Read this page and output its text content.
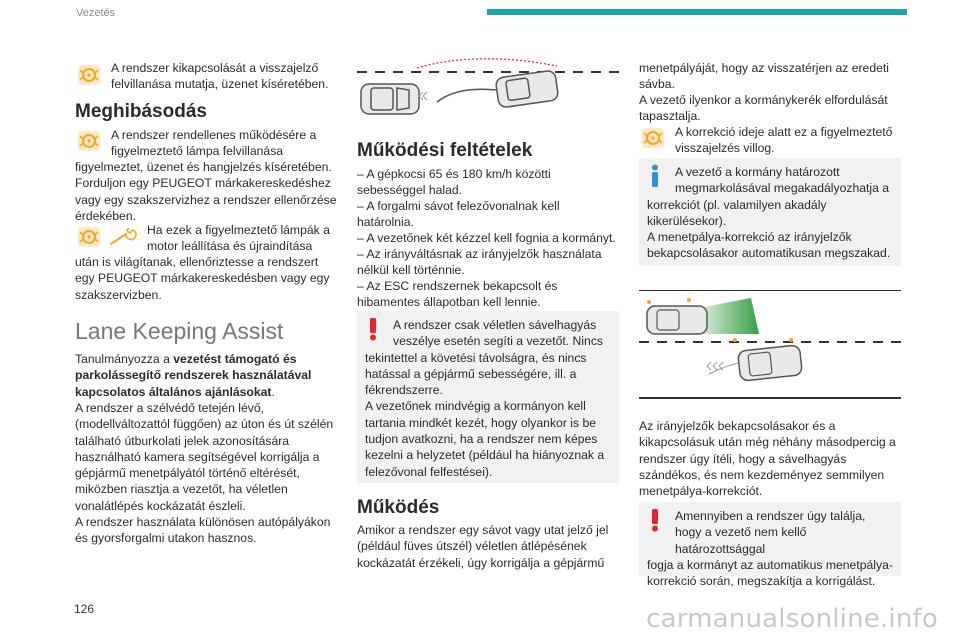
Vezetés
A rendszer kikapcsolását a visszajelző felvillanása mutatja, üzenet kíséretében.
Meghibásodás
A rendszer rendellenes működésére a figyelmeztető lámpa felvillanása
figyelmeztet, üzenet és hangjelzés kíséretében. Forduljon egy PEUGEOT márkakereskedéshez vagy egy szakszervizhez a rendszer ellenőrzése érdekében.
Ha ezek a figyelmeztető lámpák a motor leállítása és újraindítása
után is világítanak, ellenőriztesse a rendszert egy PEUGEOT márkakereskedésben vagy egy szakszervizben.
Lane Keeping Assist
Tanulmányozza a vezetést támogató és parkolássegítő rendszerek használatával kapcsolatos általános ajánlásokat.
A rendszer a szélvédő tetején lévő, (modellváltozattól függően) az úton és út szélén található útburkolati jelek azonosítására használható kamera segítségével korrigálja a gépjármű menetpályától történő eltérését, miközben riasztja a vezetőt, ha véletlen vonalátlépés kockázatát észleli.
A rendszer használata különösen autópályákon és gyorsforgalmi utakon hasznos.
Működési feltételek
– A gépkocsi 65 és 180 km/h közötti sebességgel halad.
– A forgalmi sávot felezővonalnak kell határolnia.
– A vezetőnek két kézzel kell fognia a kormányt.
– Az irányváltásnak az irányjelzők használata nélkül kell történnie.
– Az ESC rendszernek bekapcsolt és hibamentes állapotban kell lennie.
A rendszer csak véletlen sávelhagyás veszélye esetén segíti a vezetőt. Nincs
tekintettel a követési távolságra, és nincs hatással a gépjármű sebességére, ill. a fékrendszerre.
A vezetőnek mindvégig a kormányon kell tartania mindkét kezét, hogy olyankor is be tudjon avatkozni, ha a rendszer nem képes kezelni a helyzetet (például ha hiányoznak a felezővonal felfestései).
Működés
Amikor a rendszer egy sávot vagy utat jelző jel (például füves útszél) véletlen átlépésének kockázatát érzékeli, úgy korrigálja a gépjármű
menetpályáját, hogy az visszatérjen az eredeti sávba.
A vezető ilyenkor a kormánykerék elfordulását tapasztalja.
A korrekció ideje alatt ez a figyelmeztető visszajelzés villog.
A vezető a kormány határozott megmarkolásával megakadályozhatja a
korrekciót (pl. valamilyen akadály kikerülésekor).
A menetpálya-korrekció az irányjelzők bekapcsolásakor automatikusan megszakad.
Az irányjelzők bekapcsolásakor és a kikapcsolásuk után még néhány másodpercig a rendszer úgy ítéli, hogy a sávelhagyás szándékos, és nem kezdeményez semmilyen menetpálya-korrekciót.
Amennyiben a rendszer úgy találja, hogy a vezető nem kellő határozottsággal
fogja a kormányt az automatikus menetpálya-korrekció során, megszakítja a korrigálást.
126	carmanualsonline.info
